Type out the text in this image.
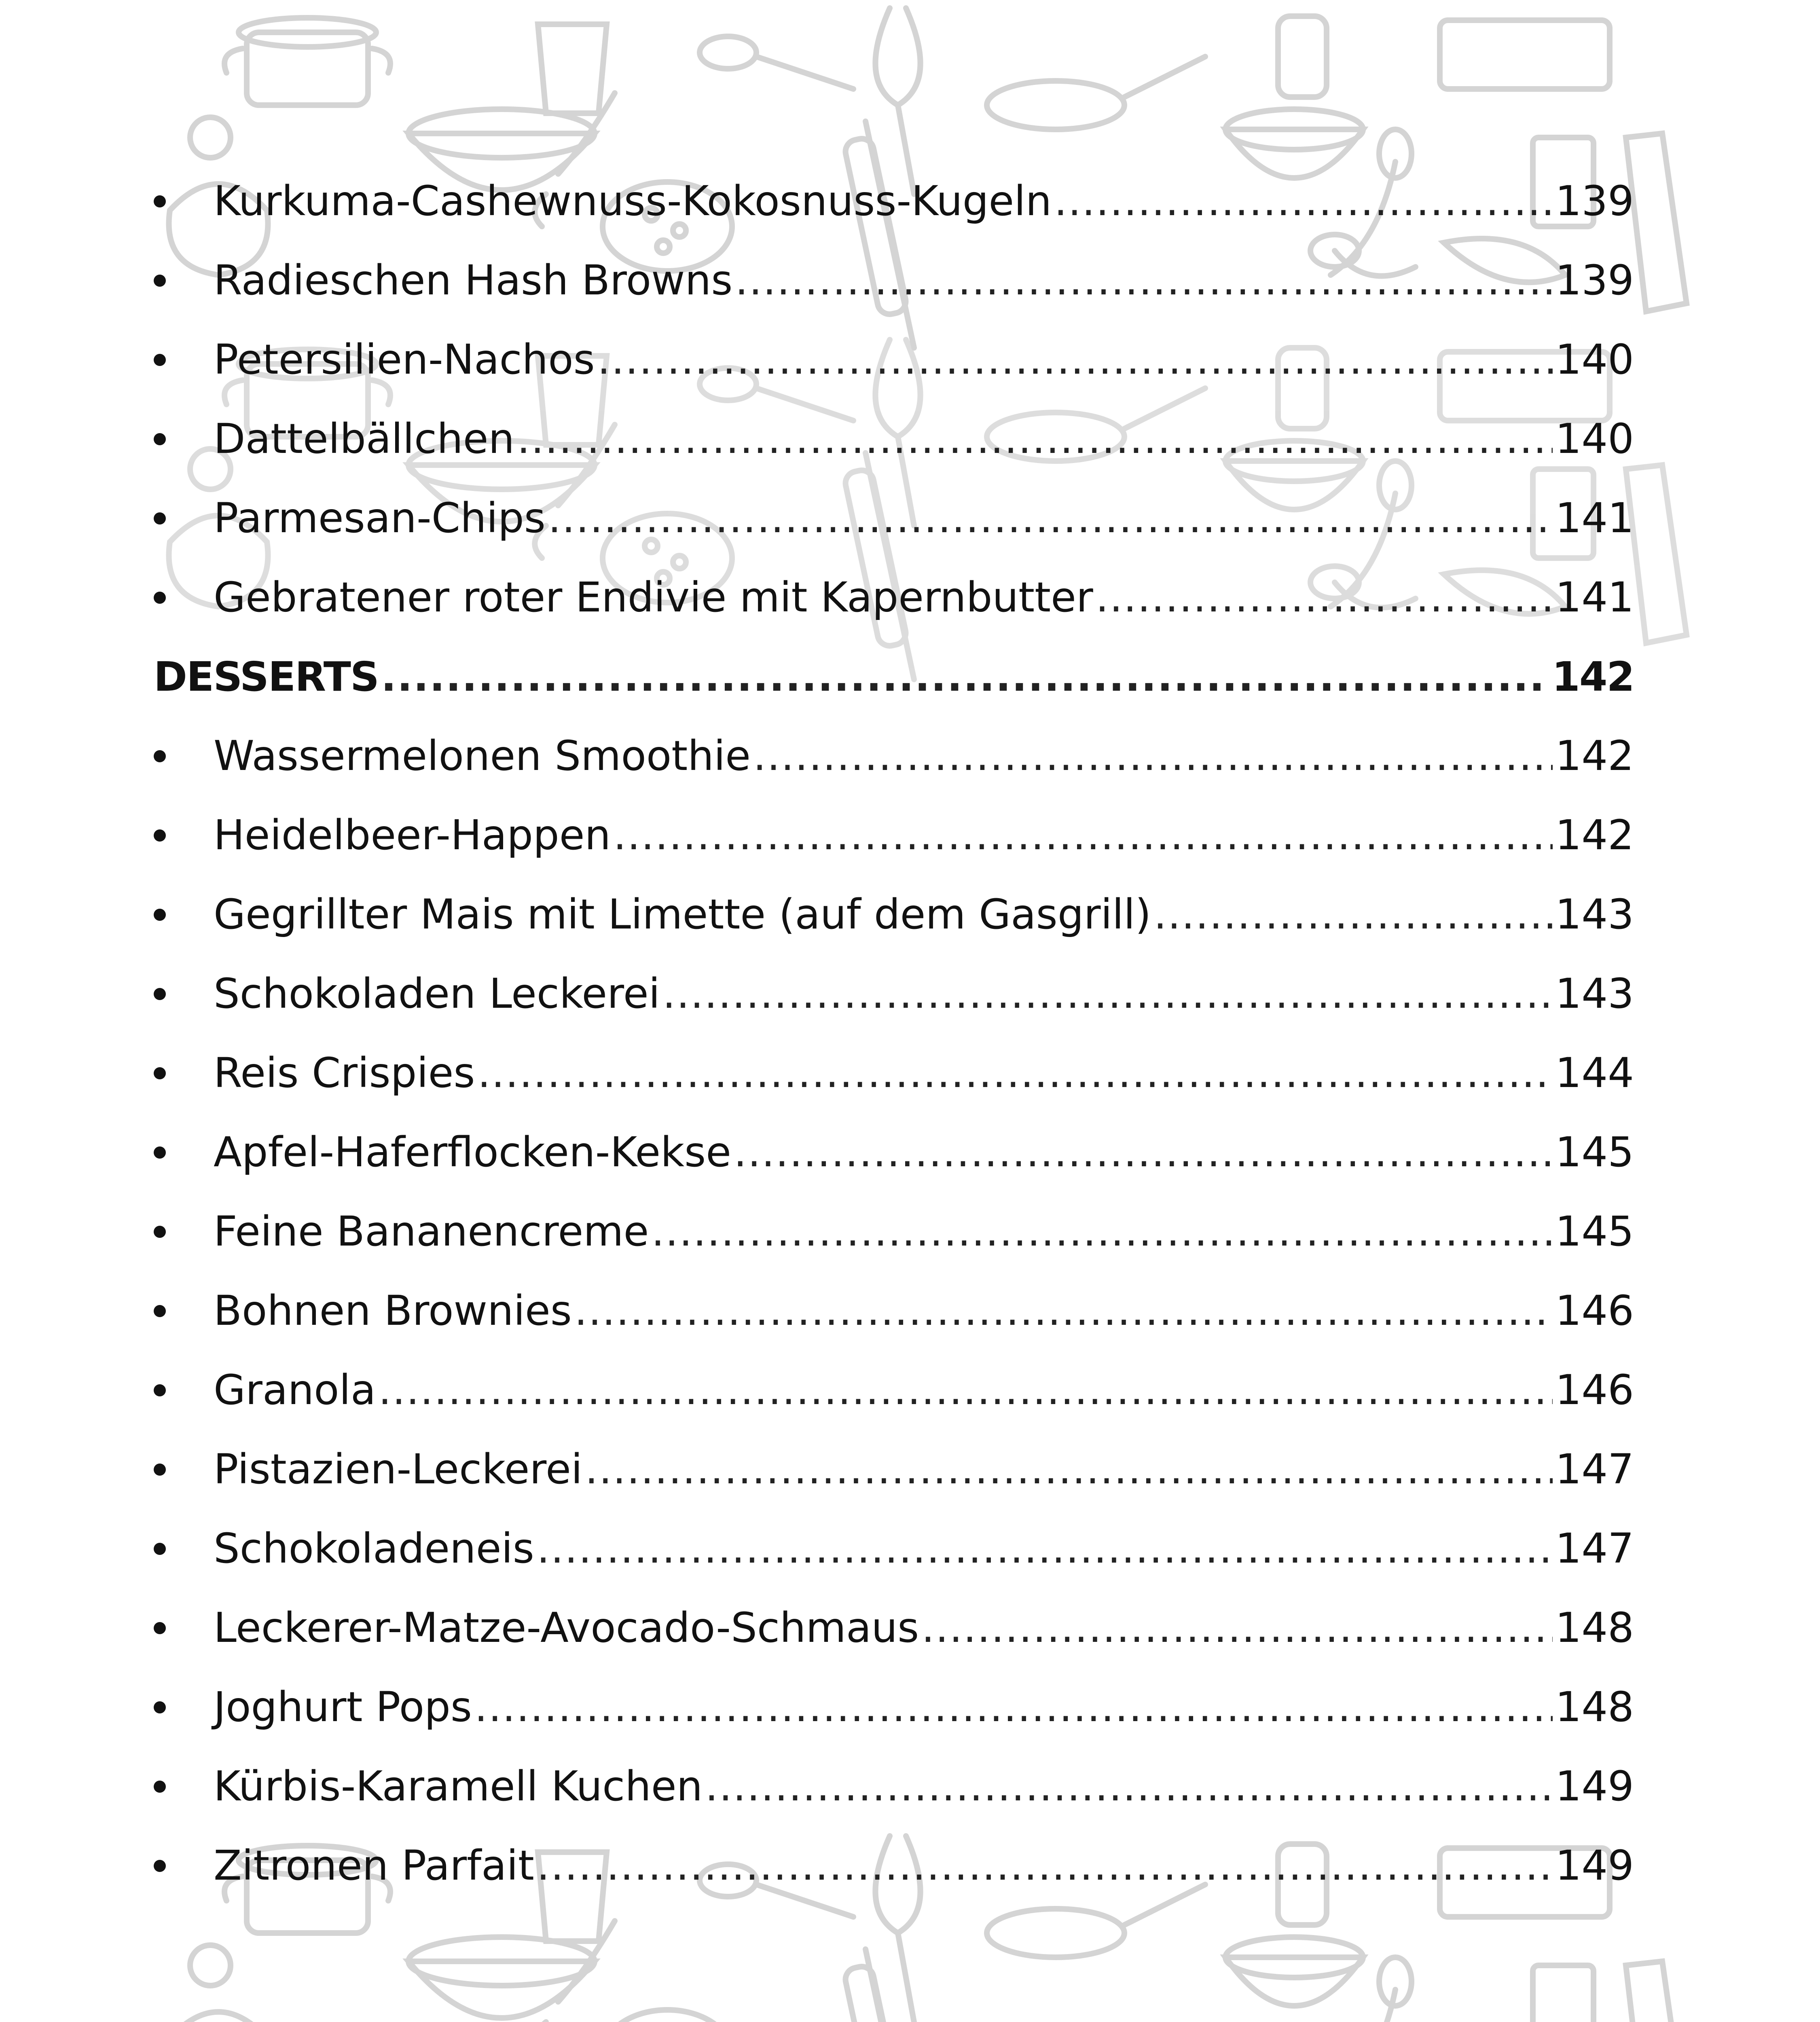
Kurkuma-Cashewnuss-Kokosnuss-Kugeln .....	139
Radieschen Hash Browns .....	139
Petersilien-Nachos .....	140
Dattelbällchen .....	140
Parmesan-Chips .....	141
Gebratener roter Endivie mit Kapernbutter .....	141
DESSERTS .....	142
Wassermelonen Smoothie .....	142
Heidelbeer-Happen .....	142
Gegrillter Mais mit Limette (auf dem Gasgrill) .....	143
Schokoladen Leckerei .....	143
Reis Crispies .....	144
Apfel-Haferflocken-Kekse .....	145
Feine Bananencreme .....	145
Bohnen Brownies .....	146
Granola .....	146
Pistazien-Leckerei .....	147
Schokoladeneis .....	147
Leckerer-Matze-Avocado-Schmaus .....	148
Joghurt Pops .....	148
Kürbis-Karamell Kuchen .....	149
Zitronen Parfait .....	149
